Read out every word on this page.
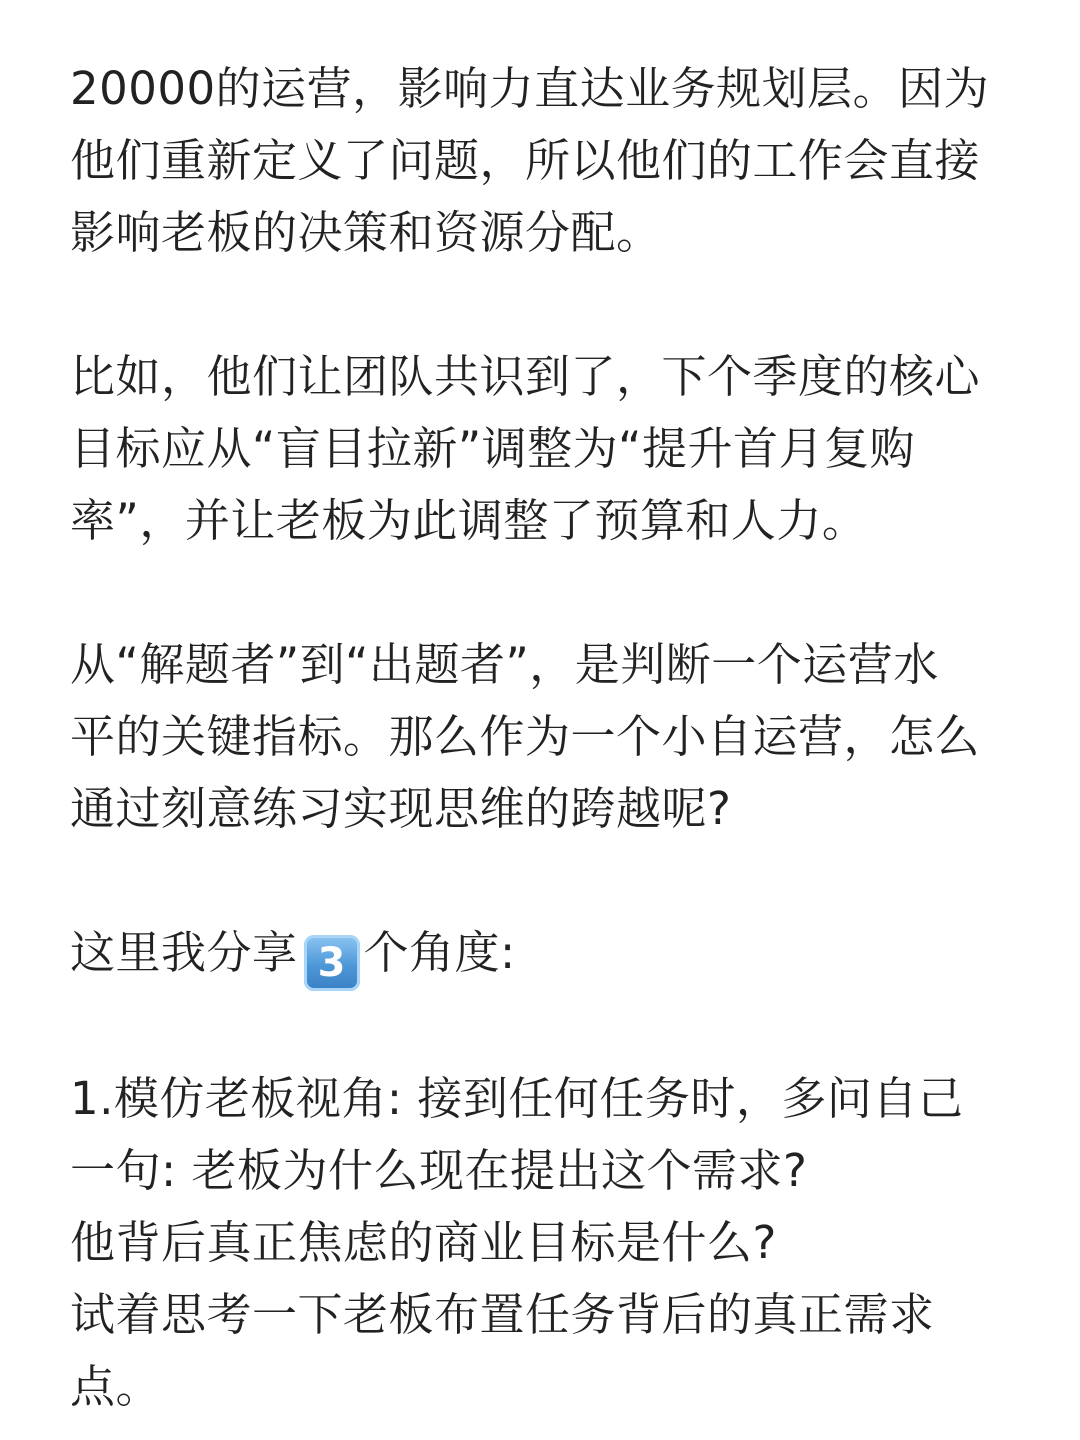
20000的运营，影响力直达业务规划层。因为
他们重新定义了问题，所以他们的工作会直接
影响老板的决策和资源分配。
比如，他们让团队共识到了，下个季度的核心
目标应从“盲目拉新”调整为“提升首月复购
率”，并让老板为此调整了预算和人力。
从“解题者”到“出题者”，是判断一个运营水
平的关键指标。那么作为一个小自运营，怎么
通过刻意练习实现思维的跨越呢?
这里我分享 3 个角度:
1.模仿老板视角: 接到任何任务时，多问自己
一句: 老板为什么现在提出这个需求?
他背后真正焦虑的商业目标是什么?
试着思考一下老板布置任务背后的真正需求
点。
